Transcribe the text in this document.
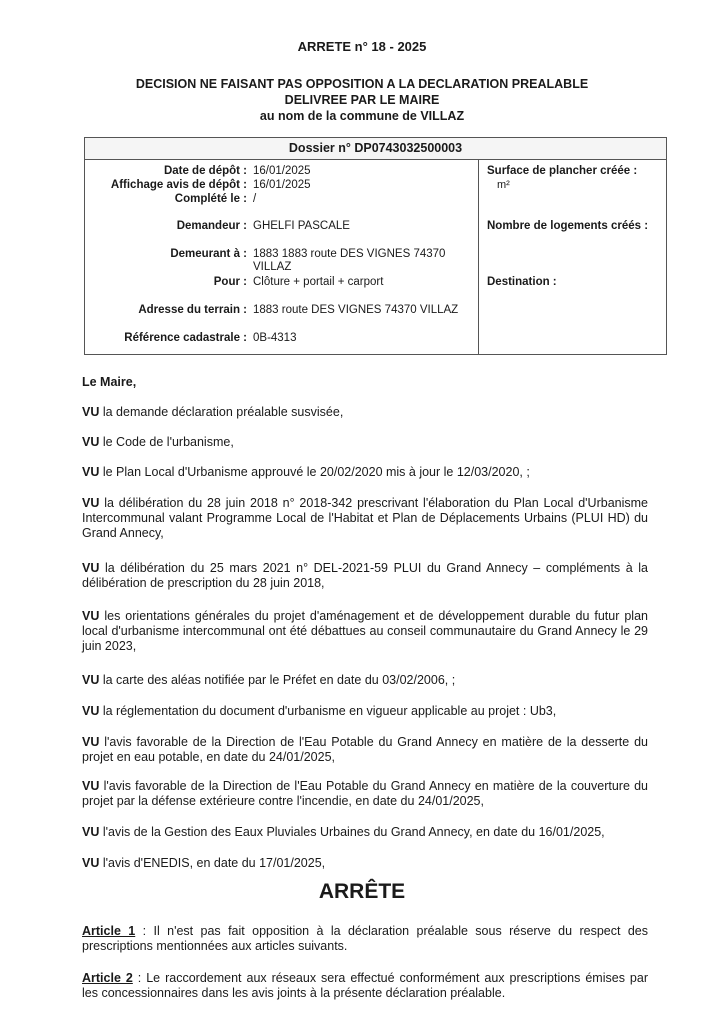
ARRETE n° 18 - 2025
DECISION NE FAISANT PAS OPPOSITION A LA DECLARATION PREALABLE
DELIVREE PAR LE MAIRE
au nom de la commune de VILLAZ
Dossier n° DP0743032500003
Date de dépôt : 16/01/2025
Affichage avis de dépôt : 16/01/2025
Complété le : /
Demandeur : GHELFI PASCALE
Demeurant à : 1883 1883 route DES VIGNES 74370
VILLAZ
Pour : Clôture + portail + carport
Adresse du terrain : 1883 route DES VIGNES 74370 VILLAZ
Référence cadastrale : 0B-4313
Surface de plancher créée :
m²
Nombre de logements créés :
Destination :
Le Maire,
VU la demande déclaration préalable susvisée,
VU le Code de l'urbanisme,
VU le Plan Local d'Urbanisme approuvé le 20/02/2020 mis à jour le 12/03/2020, ;
VU la délibération du 28 juin 2018 n° 2018-342 prescrivant l'élaboration du Plan Local d'Urbanisme Intercommunal valant Programme Local de l'Habitat et Plan de Déplacements Urbains (PLUI HD) du Grand Annecy,
VU la délibération du 25 mars 2021 n° DEL-2021-59 PLUI du Grand Annecy – compléments à la délibération de prescription du 28 juin 2018,
VU les orientations générales du projet d'aménagement et de développement durable du futur plan local d'urbanisme intercommunal ont été débattues au conseil communautaire du Grand Annecy le 29 juin 2023,
VU la carte des aléas notifiée par le Préfet en date du 03/02/2006, ;
VU la réglementation du document d'urbanisme en vigueur applicable au projet : Ub3,
VU l'avis favorable de la Direction de l'Eau Potable du Grand Annecy en matière de la desserte du projet en eau potable, en date du 24/01/2025,
VU l'avis favorable de la Direction de l'Eau Potable du Grand Annecy en matière de la couverture du projet par la défense extérieure contre l'incendie, en date du 24/01/2025,
VU l'avis de la Gestion des Eaux Pluviales Urbaines du Grand Annecy, en date du 16/01/2025,
VU l'avis d'ENEDIS, en date du 17/01/2025,
ARRÊTE
Article 1 : Il n'est pas fait opposition à la déclaration préalable sous réserve du respect des prescriptions mentionnées aux articles suivants.
Article 2 : Le raccordement aux réseaux sera effectué conformément aux prescriptions émises par les concessionnaires dans les avis joints à la présente déclaration préalable.
